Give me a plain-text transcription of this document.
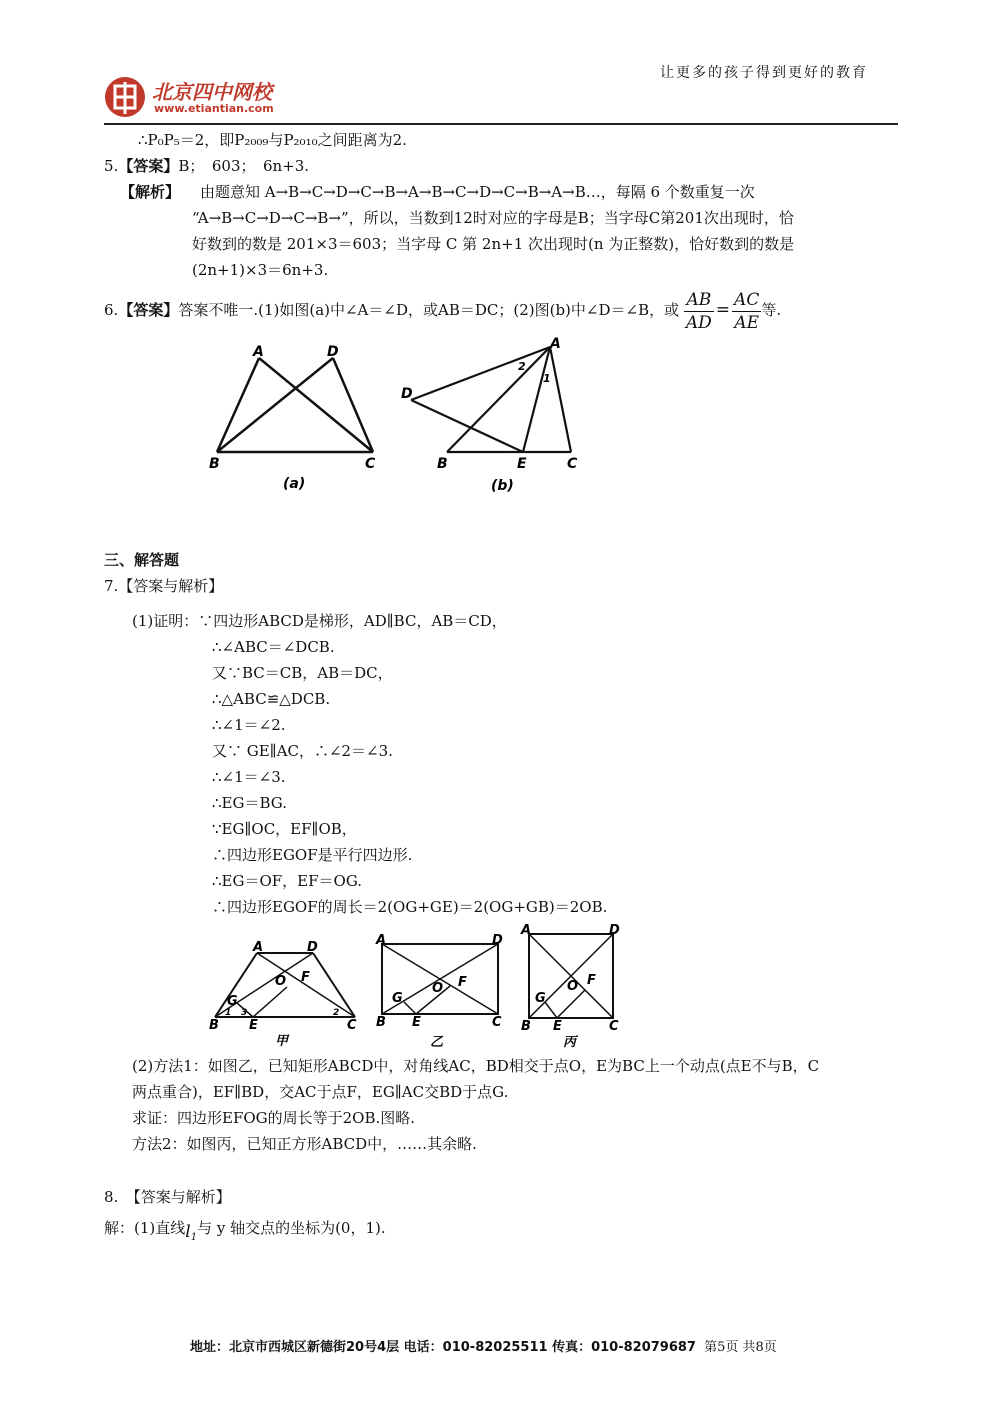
北京四中网校
www.etiantian.com
让更多的孩子得到更好的教育
∴P₀P₅＝2，即P₂₀₀₉与P₂₀₁₀之间距离为2.
5.【答案】B；　603；　6n+3.
【解析】 由题意知 A→B→C→D→C→B→A→B→C→D→C→B→A→B…，每隔 6 个数重复一次
“A→B→C→D→C→B→”，所以，当数到12时对应的字母是B；当字母C第201次出现时，恰
好数到的数是 201×3＝603；当字母 C 第 2n+1 次出现时(n 为正整数)，恰好数到的数是
(2n+1)×3＝6n+3.
6.【答案】答案不唯一.(1)如图(a)中∠A＝∠D，或AB＝DC；(2)图(b)中∠D＝∠B，或 $\frac{AB}{AD} = \frac{AC}{AE}$ 等.
A	D
B	C
(a)
A
D
B	E	C
1
2
(b)
三、解答题
7.【答案与解析】
(1)证明：∵四边形ABCD是梯形，AD∥BC，AB＝CD，
∴∠ABC＝∠DCB.
又∵BC＝CB，AB＝DC，
∴△ABC≌△DCB.
∴∠1＝∠2.
又∵ GE∥AC，∴∠2＝∠3.
∴∠1＝∠3.
∴EG＝BG.
∵EG∥OC，EF∥OB，
∴四边形EGOF是平行四边形.
∴EG＝OF，EF＝OG.
∴四边形EGOF的周长＝2(OG+GE)＝2(OG+GB)＝2OB.
A	D
O F
G
B E	C
1 3	2
甲
A	D
O F
G
B E	C
乙
A	D
O F
G
B E	C
丙
(2)方法1：如图乙，已知矩形ABCD中，对角线AC，BD相交于点O，E为BC上一个动点(点E不与B，C
两点重合)，EF∥BD，交AC于点F，EG∥AC交BD于点G.
求证：四边形EFOG的周长等于2OB.图略.
方法2：如图丙，已知正方形ABCD中，……其余略.
8.　【答案与解析】
解：(1)直线$l_1$与 y 轴交点的坐标为(0，1).
地址：北京市西城区新德街20号4层 电话：010-82025511 传真：010-82079687 第5页 共8页
